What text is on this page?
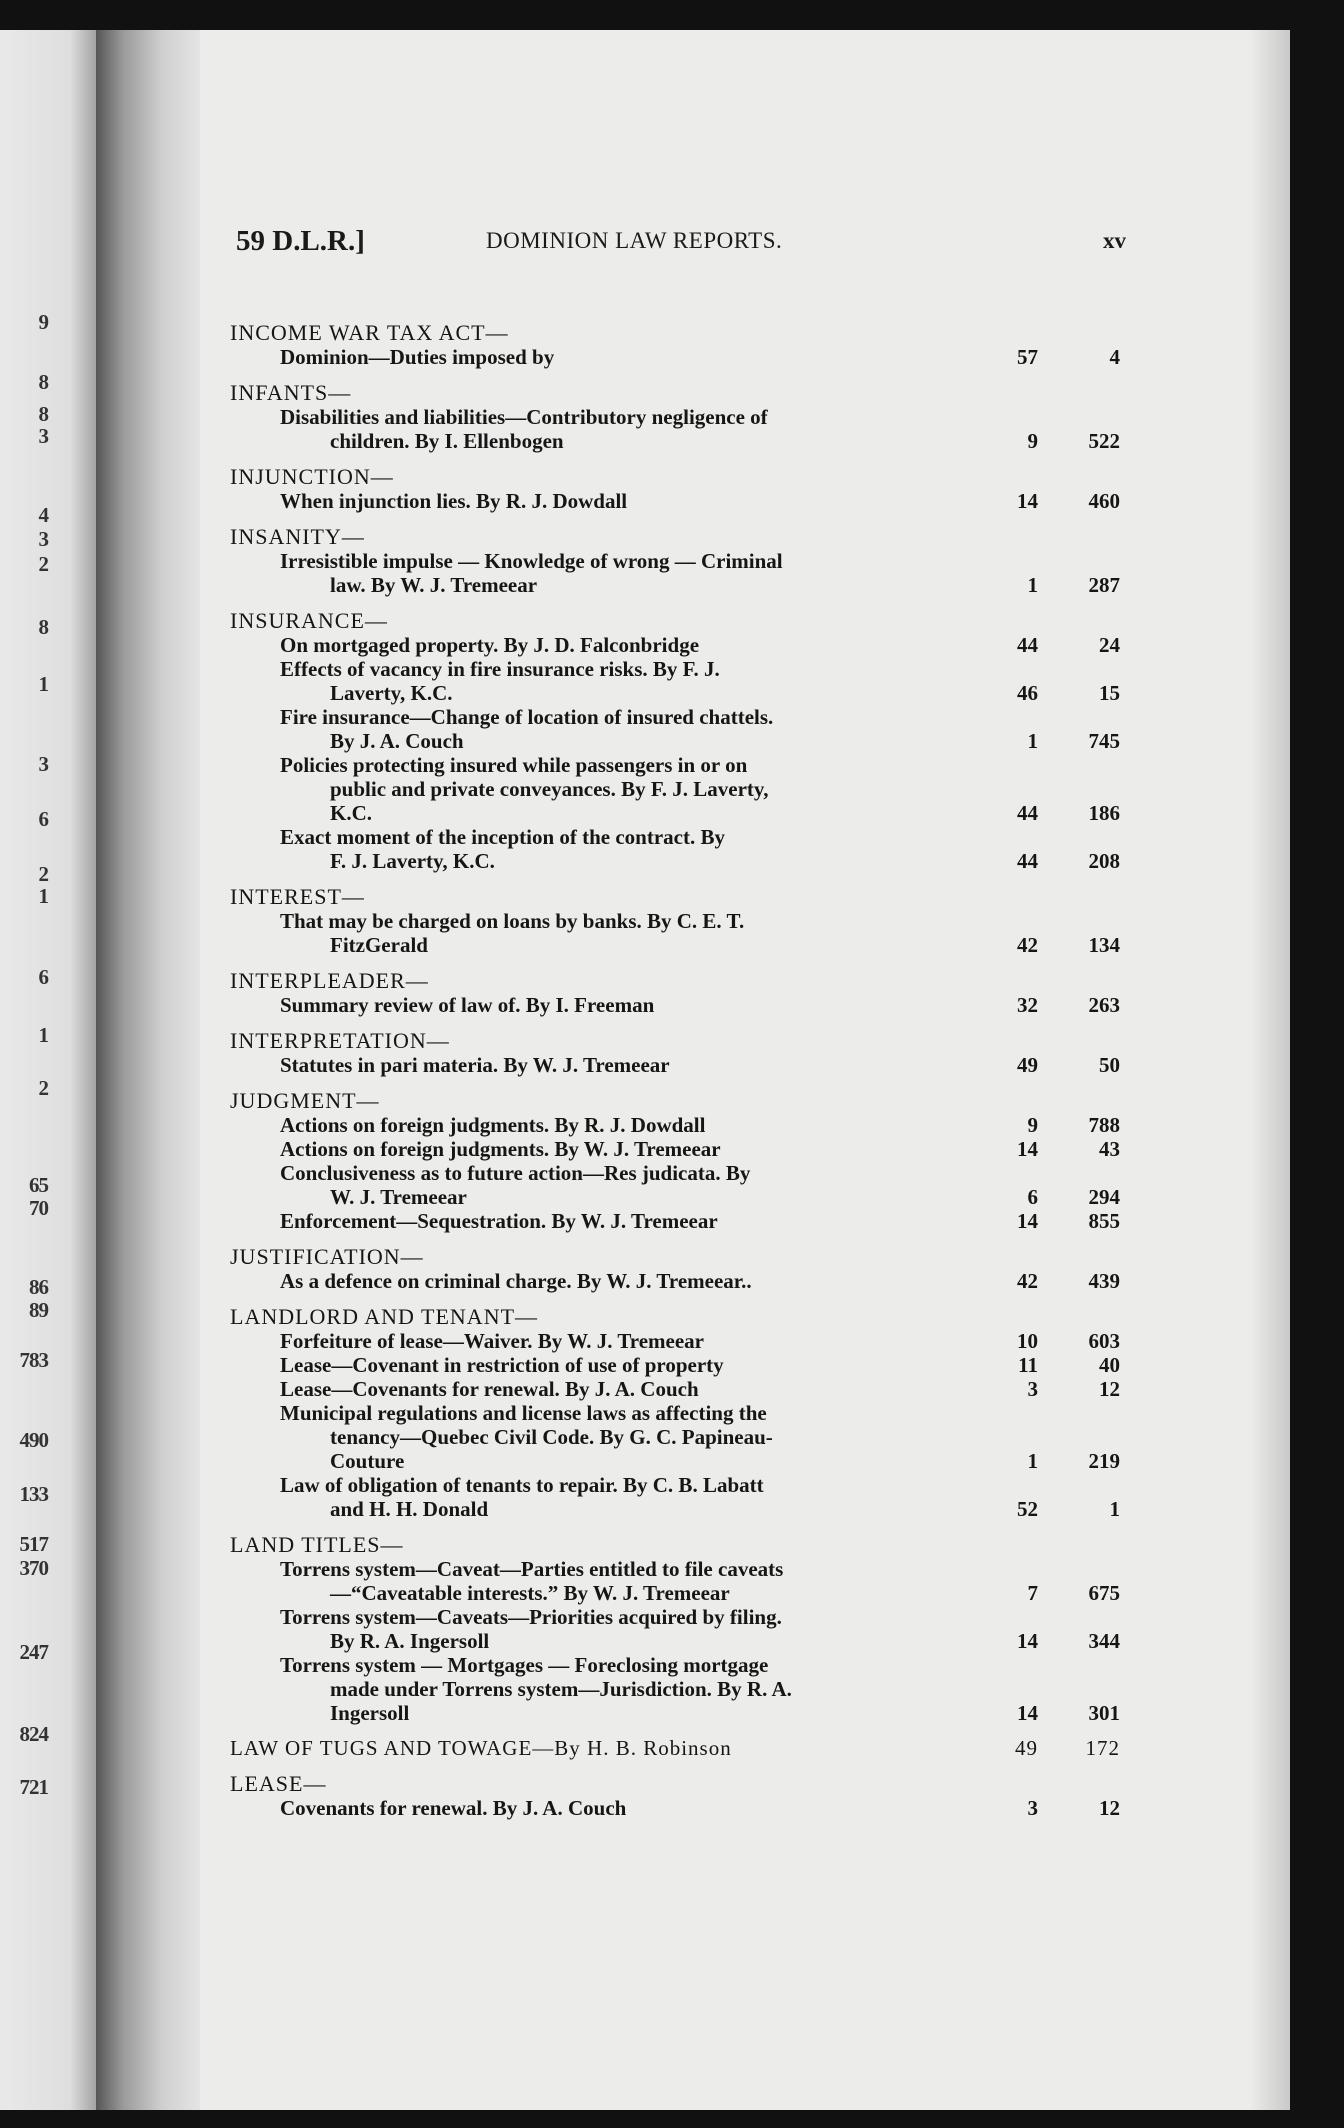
9
8
8
3
4
3
2
8
1
3
6
2
1
6
1
2
65
70
86
89
783
490
133
517
370
247
824
721
59 D.L.R.]	DOMINION LAW REPORTS.	xv
INCOME WAR TAX ACT—
Dominion—Duties imposed by	57	4
INFANTS—
Disabilities and liabilities—Contributory negligence of
children. By I. Ellenbogen	9	522
INJUNCTION—
When injunction lies. By R. J. Dowdall	14	460
INSANITY—
Irresistible impulse — Knowledge of wrong — Criminal
law. By W. J. Tremeear	1	287
INSURANCE—
On mortgaged property. By J. D. Falconbridge	44	24
Effects of vacancy in fire insurance risks. By F. J.
Laverty, K.C.	46	15
Fire insurance—Change of location of insured chattels.
By J. A. Couch	1	745
Policies protecting insured while passengers in or on
public and private conveyances. By F. J. Laverty,
K.C.	44	186
Exact moment of the inception of the contract. By
F. J. Laverty, K.C.	44	208
INTEREST—
That may be charged on loans by banks. By C. E. T.
FitzGerald	42	134
INTERPLEADER—
Summary review of law of. By I. Freeman	32	263
INTERPRETATION—
Statutes in pari materia. By W. J. Tremeear	49	50
JUDGMENT—
Actions on foreign judgments. By R. J. Dowdall	9	788
Actions on foreign judgments. By W. J. Tremeear	14	43
Conclusiveness as to future action—Res judicata. By
W. J. Tremeear	6	294
Enforcement—Sequestration. By W. J. Tremeear	14	855
JUSTIFICATION—
As a defence on criminal charge. By W. J. Tremeear..	42	439
LANDLORD AND TENANT—
Forfeiture of lease—Waiver. By W. J. Tremeear	10	603
Lease—Covenant in restriction of use of property	11	40
Lease—Covenants for renewal. By J. A. Couch	3	12
Municipal regulations and license laws as affecting the
tenancy—Quebec Civil Code. By G. C. Papineau-
Couture	1	219
Law of obligation of tenants to repair. By C. B. Labatt
and H. H. Donald	52	1
LAND TITLES—
Torrens system—Caveat—Parties entitled to file caveats
—“Caveatable interests.” By W. J. Tremeear	7	675
Torrens system—Caveats—Priorities acquired by filing.
By R. A. Ingersoll	14	344
Torrens system — Mortgages — Foreclosing mortgage
made under Torrens system—Jurisdiction. By R. A.
Ingersoll	14	301
LAW OF TUGS AND TOWAGE—By H. B. Robinson	49	172
LEASE—
Covenants for renewal. By J. A. Couch	3	12
